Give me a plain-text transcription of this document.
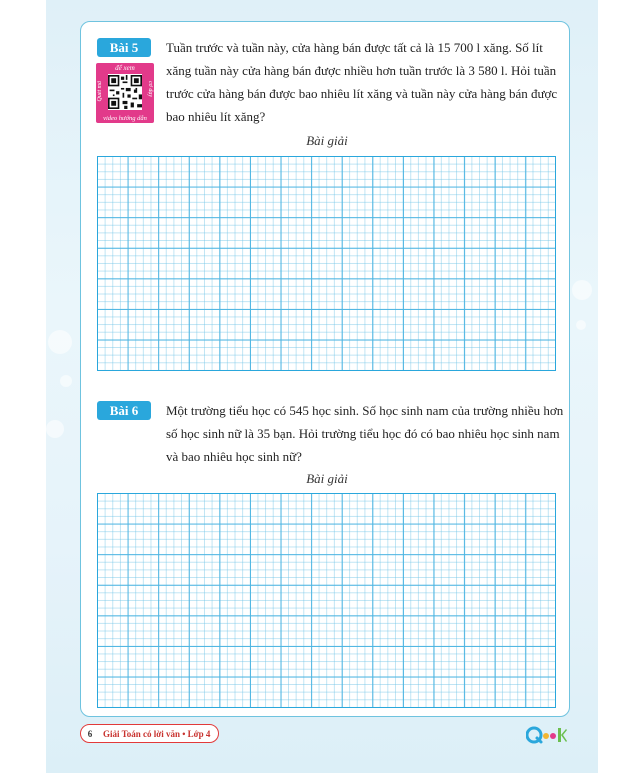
Bài 5
để xem
Quét mã	cơ dạy
video hướng dẫn
Tuần trước và tuần này, cửa hàng bán được tất cả là 15 700 l xăng. Số lít
xăng tuần này cửa hàng bán được nhiều hơn tuần trước là 3 580 l. Hỏi tuần
trước cửa hàng bán được bao nhiêu lít xăng và tuần này cửa hàng bán được
bao nhiêu lít xăng?
Bài giải
Bài 6	Một trường tiểu học có 545 học sinh. Số học sinh nam của trường nhiều hơn
số học sinh nữ là 35 bạn. Hỏi trường tiểu học đó có bao nhiêu học sinh nam
và bao nhiêu học sinh nữ?
Bài giải
6	Giải Toán có lời văn • Lớp 4
